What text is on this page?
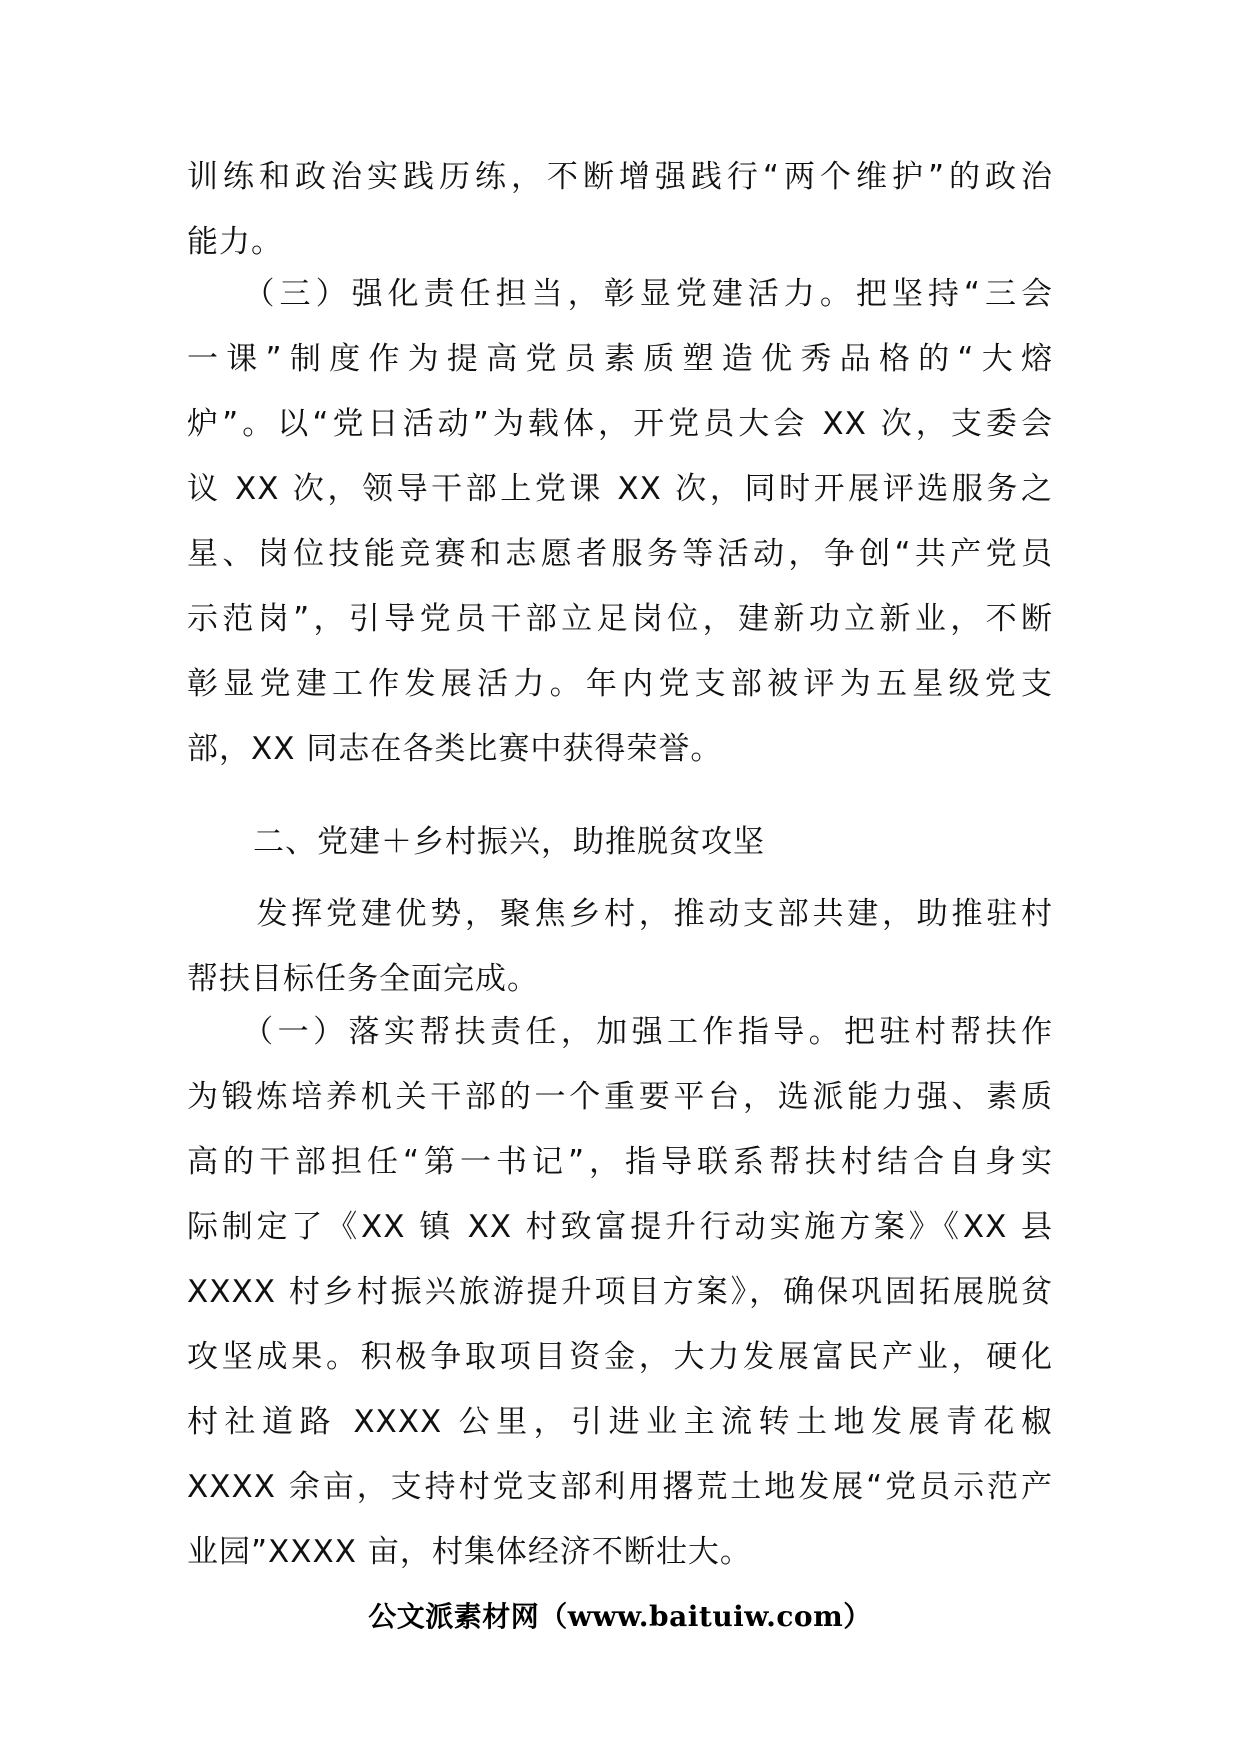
训练和政治实践历练，不断增强践行“两个维护”的政治
能力。
　　（三）强化责任担当，彰显党建活力。把坚持“三会
一课”制度作为提高党员素质塑造优秀品格的“大熔
炉”。以“党日活动”为载体，开党员大会 XX 次，支委会
议 XX 次，领导干部上党课 XX 次，同时开展评选服务之
星、岗位技能竞赛和志愿者服务等活动，争创“共产党员
示范岗”，引导党员干部立足岗位，建新功立新业，不断
彰显党建工作发展活力。年内党支部被评为五星级党支
部，XX 同志在各类比赛中获得荣誉。
二、党建＋乡村振兴，助推脱贫攻坚
　　发挥党建优势，聚焦乡村，推动支部共建，助推驻村
帮扶目标任务全面完成。
　　（一）落实帮扶责任，加强工作指导。把驻村帮扶作
为锻炼培养机关干部的一个重要平台，选派能力强、素质
高的干部担任“第一书记”，指导联系帮扶村结合自身实
际制定了《XX 镇 XX 村致富提升行动实施方案》《XX 县
XXXX 村乡村振兴旅游提升项目方案》，确保巩固拓展脱贫
攻坚成果。积极争取项目资金，大力发展富民产业，硬化
村社道路 XXXX 公里，引进业主流转土地发展青花椒
XXXX 余亩，支持村党支部利用撂荒土地发展“党员示范产
业园”XXXX 亩，村集体经济不断壮大。
公文派素材网（www.baituiw.com）
